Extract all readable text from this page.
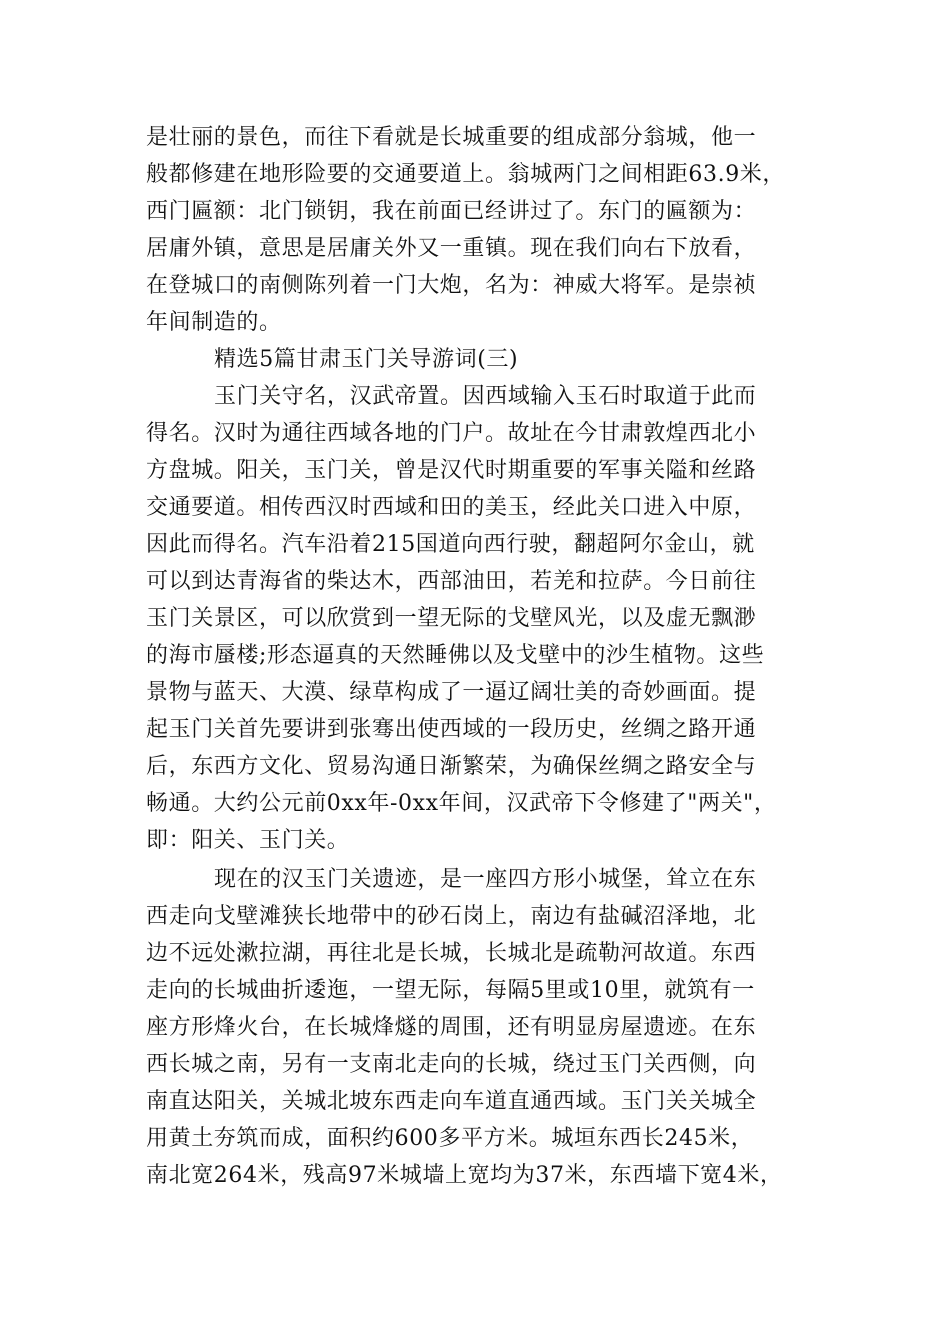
是壮丽的景色，而往下看就是长城重要的组成部分翁城，他一
般都修建在地形险要的交通要道上。翁城两门之间相距63.9米，
西门匾额：北门锁钥，我在前面已经讲过了。东门的匾额为：
居庸外镇，意思是居庸关外又一重镇。现在我们向右下放看，
在登城口的南侧陈列着一门大炮，名为：神威大将军。是崇祯
年间制造的。
精选5篇甘肃玉门关导游词(三)
玉门关守名，汉武帝置。因西域输入玉石时取道于此而
得名。汉时为通往西域各地的门户。故址在今甘肃敦煌西北小
方盘城。阳关，玉门关，曾是汉代时期重要的军事关隘和丝路
交通要道。相传西汉时西域和田的美玉，经此关口进入中原，
因此而得名。汽车沿着215国道向西行驶，翻超阿尔金山，就
可以到达青海省的柴达木，西部油田，若羌和拉萨。今日前往
玉门关景区，可以欣赏到一望无际的戈壁风光，以及虚无飘渺
的海市蜃楼;形态逼真的天然睡佛以及戈壁中的沙生植物。这些
景物与蓝天、大漠、绿草构成了一逼辽阔壮美的奇妙画面。提
起玉门关首先要讲到张骞出使西域的一段历史，丝绸之路开通
后，东西方文化、贸易沟通日渐繁荣，为确保丝绸之路安全与
畅通。大约公元前0xx年-0xx年间，汉武帝下令修建了"两关"，
即：阳关、玉门关。
现在的汉玉门关遗迹，是一座四方形小城堡，耸立在东
西走向戈壁滩狭长地带中的砂石岗上，南边有盐碱沼泽地，北
边不远处漱拉湖，再往北是长城，长城北是疏勒河故道。东西
走向的长城曲折逶迤，一望无际，每隔5里或10里，就筑有一
座方形烽火台，在长城烽燧的周围，还有明显房屋遗迹。在东
西长城之南，另有一支南北走向的长城，绕过玉门关西侧，向
南直达阳关，关城北坡东西走向车道直通西域。玉门关关城全
用黄土夯筑而成，面积约600多平方米。城垣东西长245米，
南北宽264米，残高97米城墙上宽均为37米，东西墙下宽4米，
